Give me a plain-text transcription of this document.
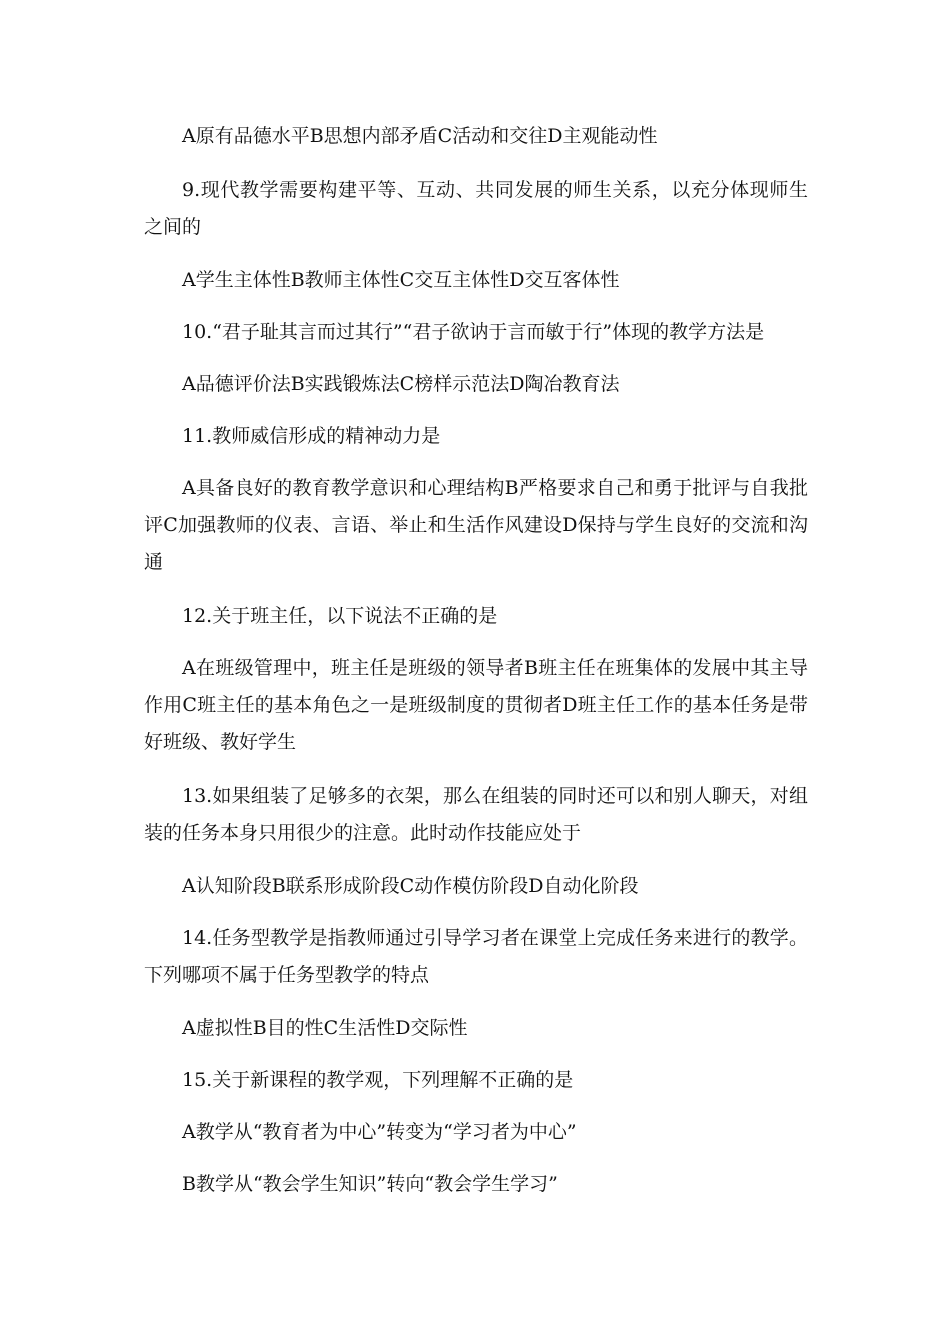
A原有品德水平B思想内部矛盾C活动和交往D主观能动性

9.现代教学需要构建平等、互动、共同发展的师生关系，以充分体现师生之间的

A学生主体性B教师主体性C交互主体性D交互客体性

10.“君子耻其言而过其行”“君子欲讷于言而敏于行”体现的教学方法是

A品德评价法B实践锻炼法C榜样示范法D陶冶教育法

11.教师威信形成的精神动力是

A具备良好的教育教学意识和心理结构B严格要求自己和勇于批评与自我批评C加强教师的仪表、言语、举止和生活作风建设D保持与学生良好的交流和沟通

12.关于班主任，以下说法不正确的是

A在班级管理中，班主任是班级的领导者B班主任在班集体的发展中其主导作用C班主任的基本角色之一是班级制度的贯彻者D班主任工作的基本任务是带好班级、教好学生

13.如果组装了足够多的衣架，那么在组装的同时还可以和别人聊天，对组装的任务本身只用很少的注意。此时动作技能应处于

A认知阶段B联系形成阶段C动作模仿阶段D自动化阶段

14.任务型教学是指教师通过引导学习者在课堂上完成任务来进行的教学。下列哪项不属于任务型教学的特点

A虚拟性B目的性C生活性D交际性

15.关于新课程的教学观，下列理解不正确的是

A教学从“教育者为中心”转变为“学习者为中心”

B教学从“教会学生知识”转向“教会学生学习”
